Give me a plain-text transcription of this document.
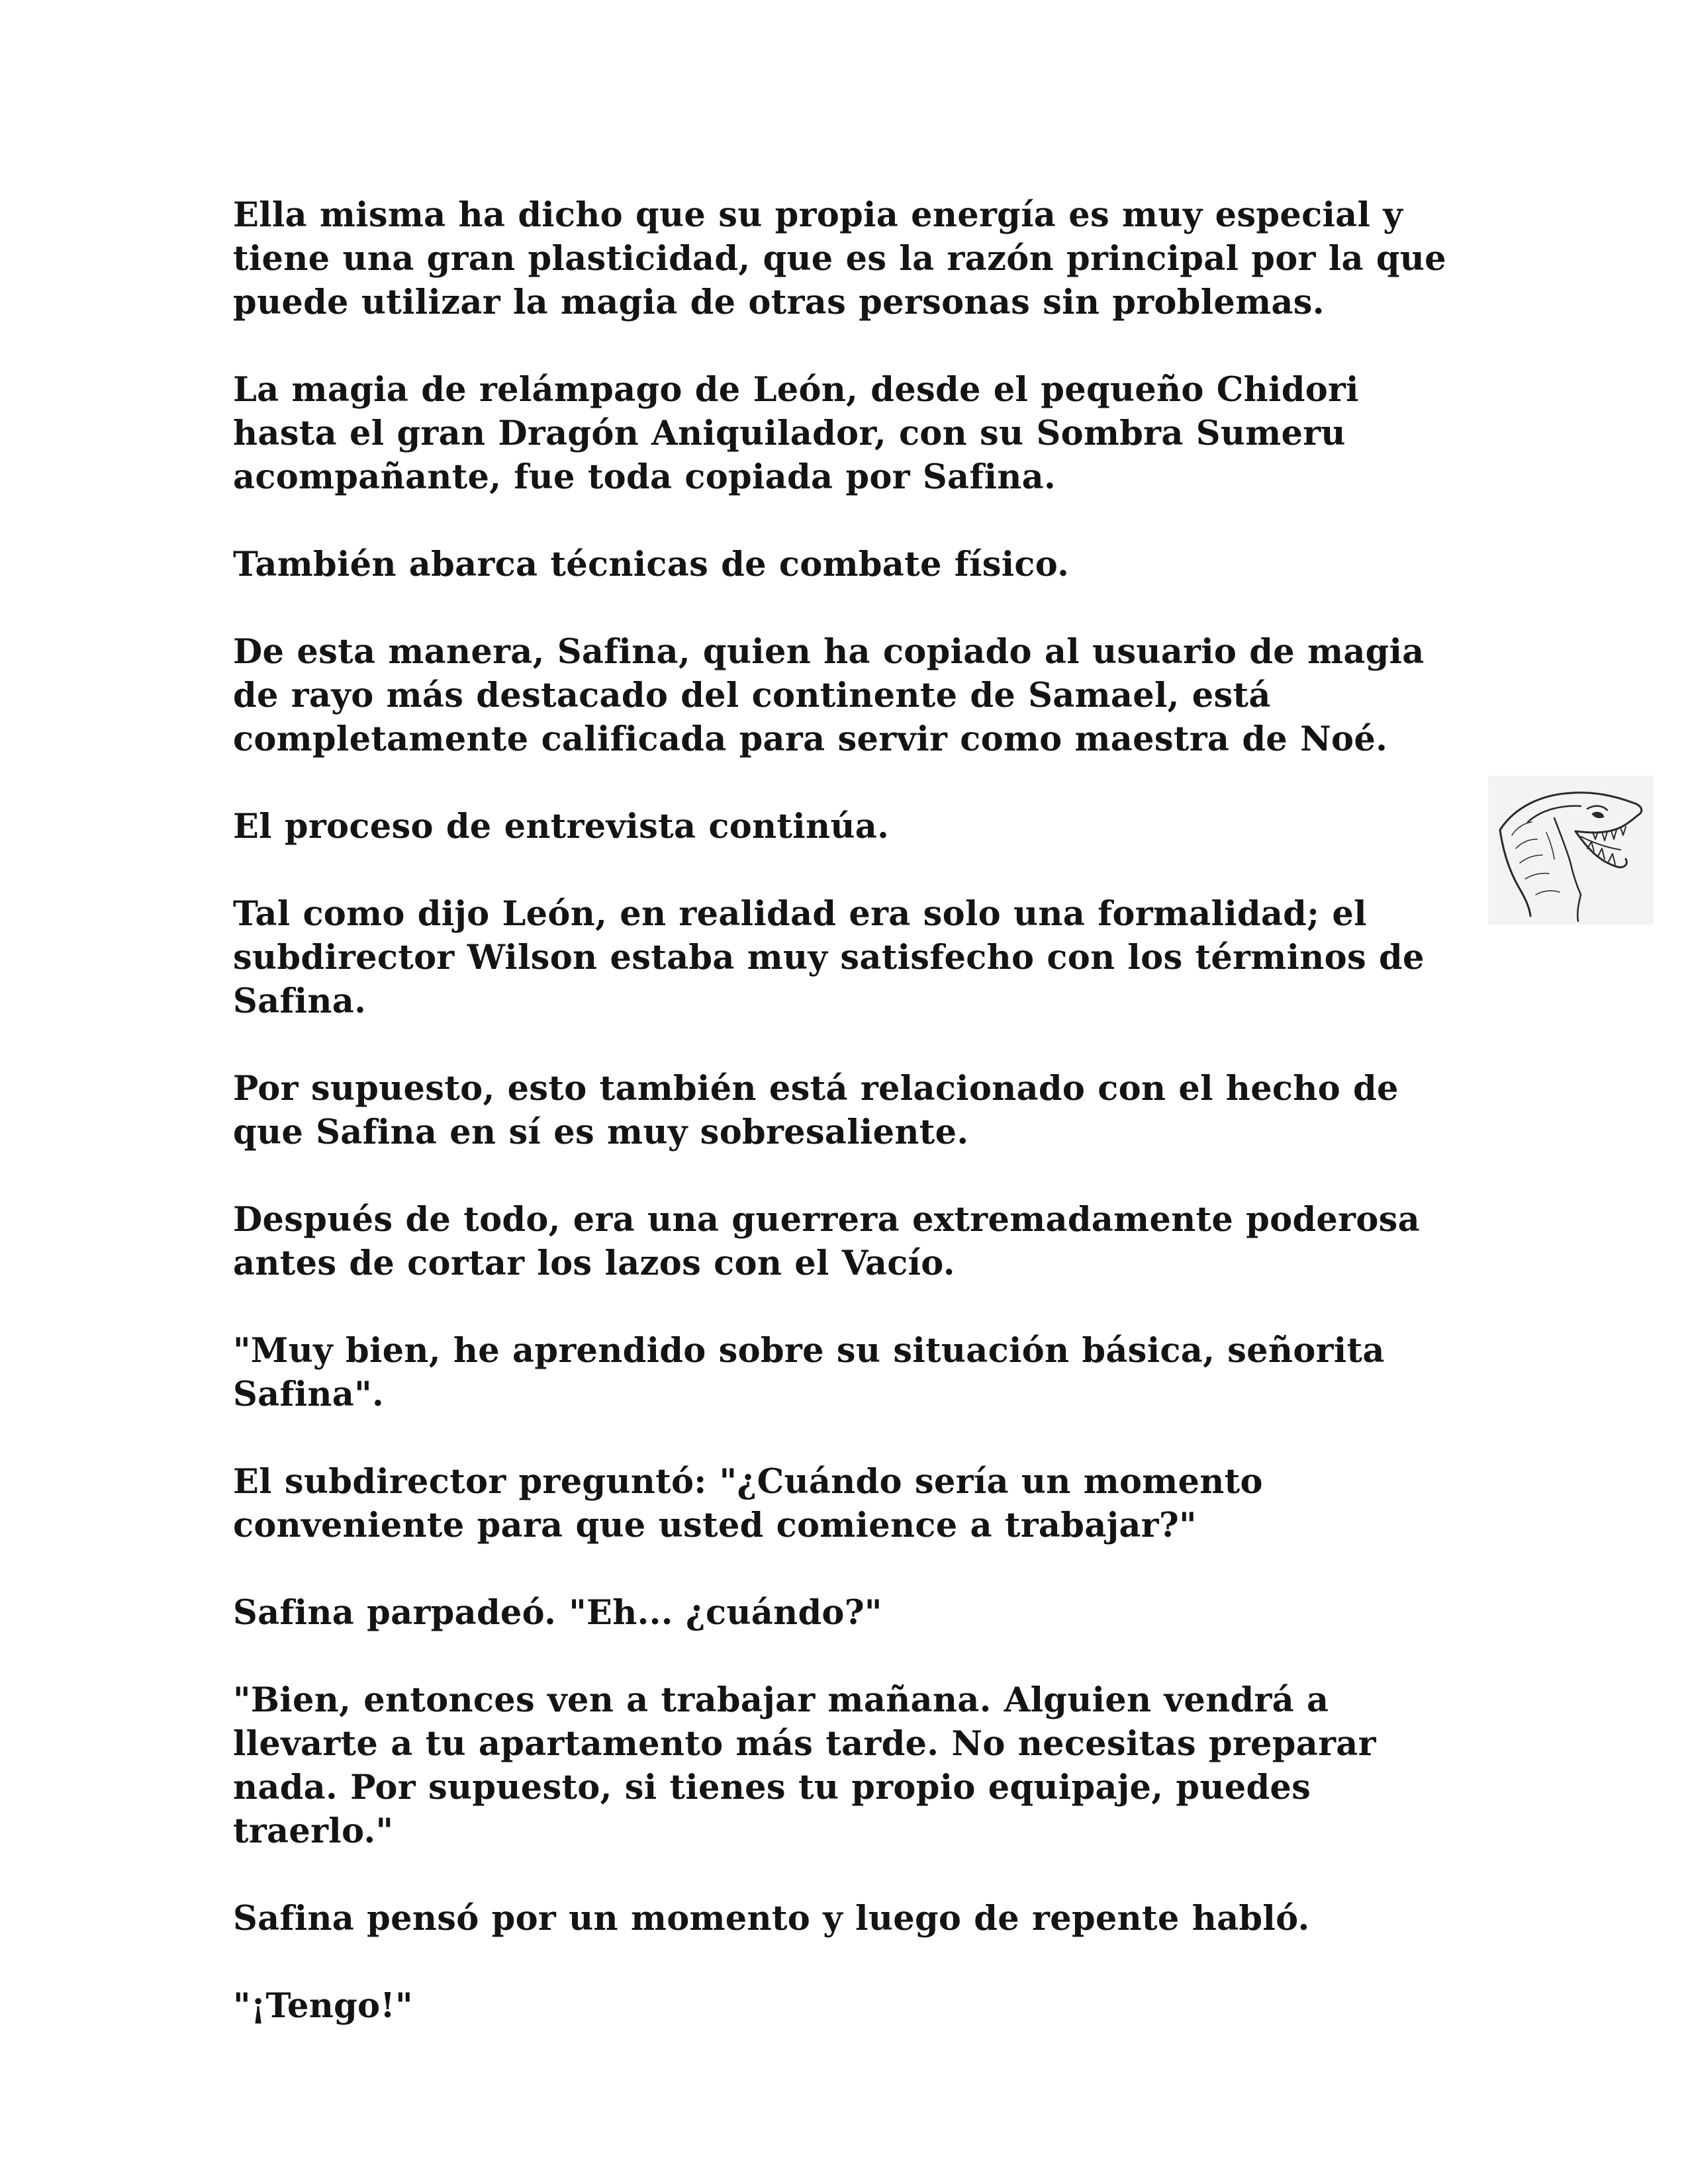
Ella misma ha dicho que su propia energía es muy especial y
tiene una gran plasticidad, que es la razón principal por la que
puede utilizar la magia de otras personas sin problemas.

La magia de relámpago de León, desde el pequeño Chidori
hasta el gran Dragón Aniquilador, con su Sombra Sumeru
acompañante, fue toda copiada por Safina.

También abarca técnicas de combate físico.

De esta manera, Safina, quien ha copiado al usuario de magia
de rayo más destacado del continente de Samael, está
completamente calificada para servir como maestra de Noé.

El proceso de entrevista continúa.

Tal como dijo León, en realidad era solo una formalidad; el
subdirector Wilson estaba muy satisfecho con los términos de
Safina.

Por supuesto, esto también está relacionado con el hecho de
que Safina en sí es muy sobresaliente.

Después de todo, era una guerrera extremadamente poderosa
antes de cortar los lazos con el Vacío.

"Muy bien, he aprendido sobre su situación básica, señorita
Safina".

El subdirector preguntó: "¿Cuándo sería un momento
conveniente para que usted comience a trabajar?"

Safina parpadeó. "Eh... ¿cuándo?"

"Bien, entonces ven a trabajar mañana. Alguien vendrá a
llevarte a tu apartamento más tarde. No necesitas preparar
nada. Por supuesto, si tienes tu propio equipaje, puedes
traerlo."

Safina pensó por un momento y luego de repente habló.

"¡Tengo!"
